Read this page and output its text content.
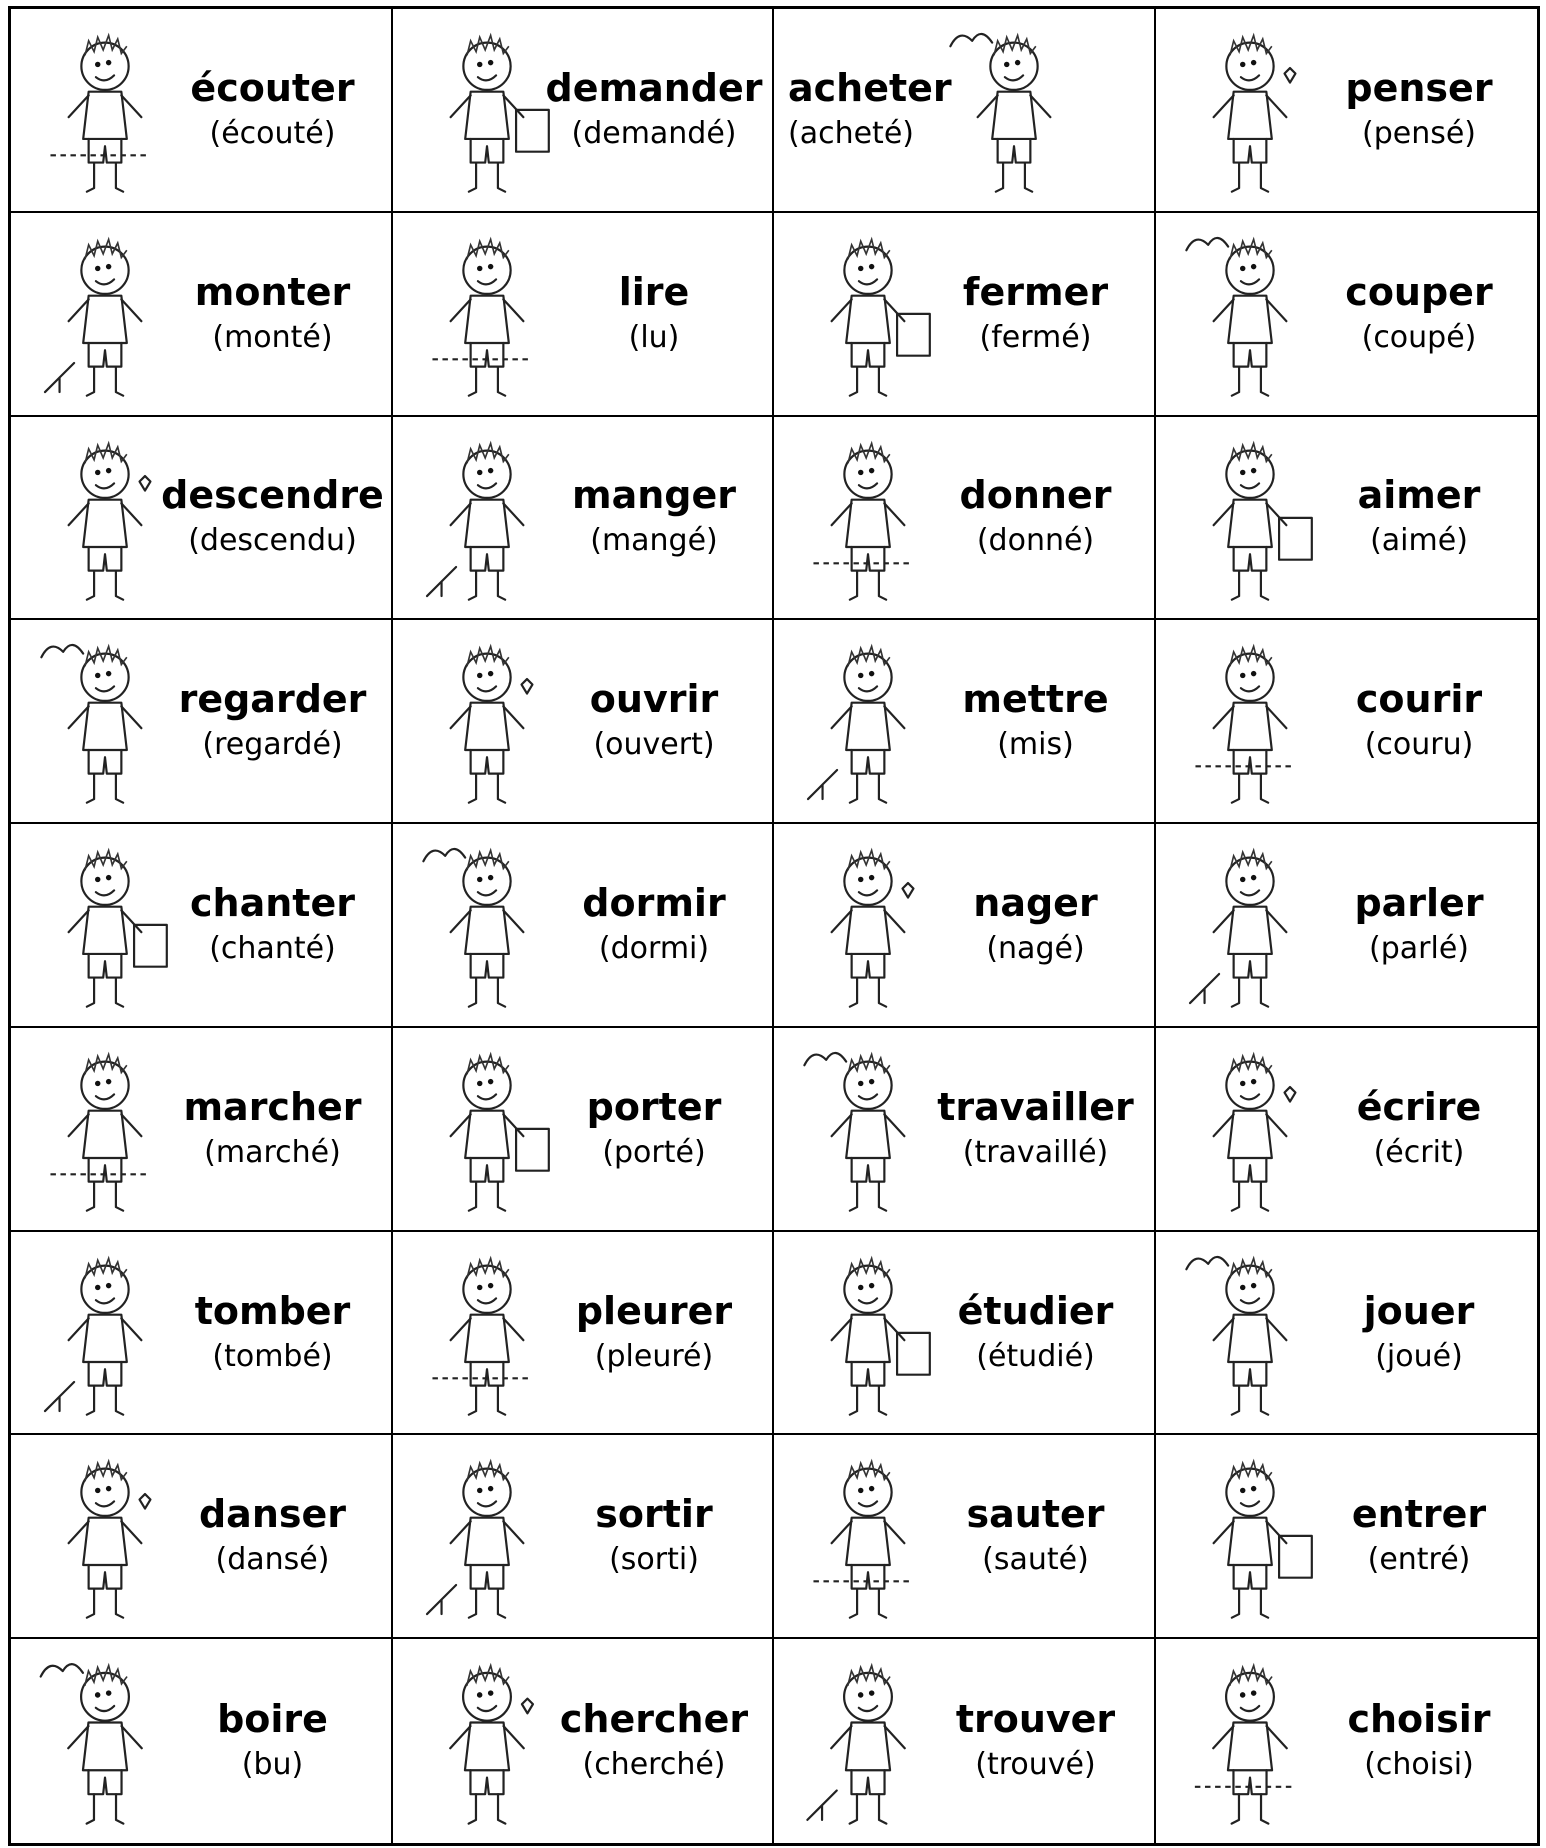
écouter
(écouté)
demander
(demandé)
acheter
(acheté)
penser
(pensé)
monter
(monté)
lire
(lu)
fermer
(fermé)
couper
(coupé)
descendre
(descendu)
manger
(mangé)
donner
(donné)
aimer
(aimé)
regarder
(regardé)
ouvrir
(ouvert)
mettre
(mis)
courir
(couru)
chanter
(chanté)
dormir
(dormi)
nager
(nagé)
parler
(parlé)
marcher
(marché)
porter
(porté)
travailler
(travaillé)
écrire
(écrit)
tomber
(tombé)
pleurer
(pleuré)
étudier
(étudié)
jouer
(joué)
danser
(dansé)
sortir
(sorti)
sauter
(sauté)
entrer
(entré)
boire
(bu)
chercher
(cherché)
trouver
(trouvé)
choisir
(choisi)
